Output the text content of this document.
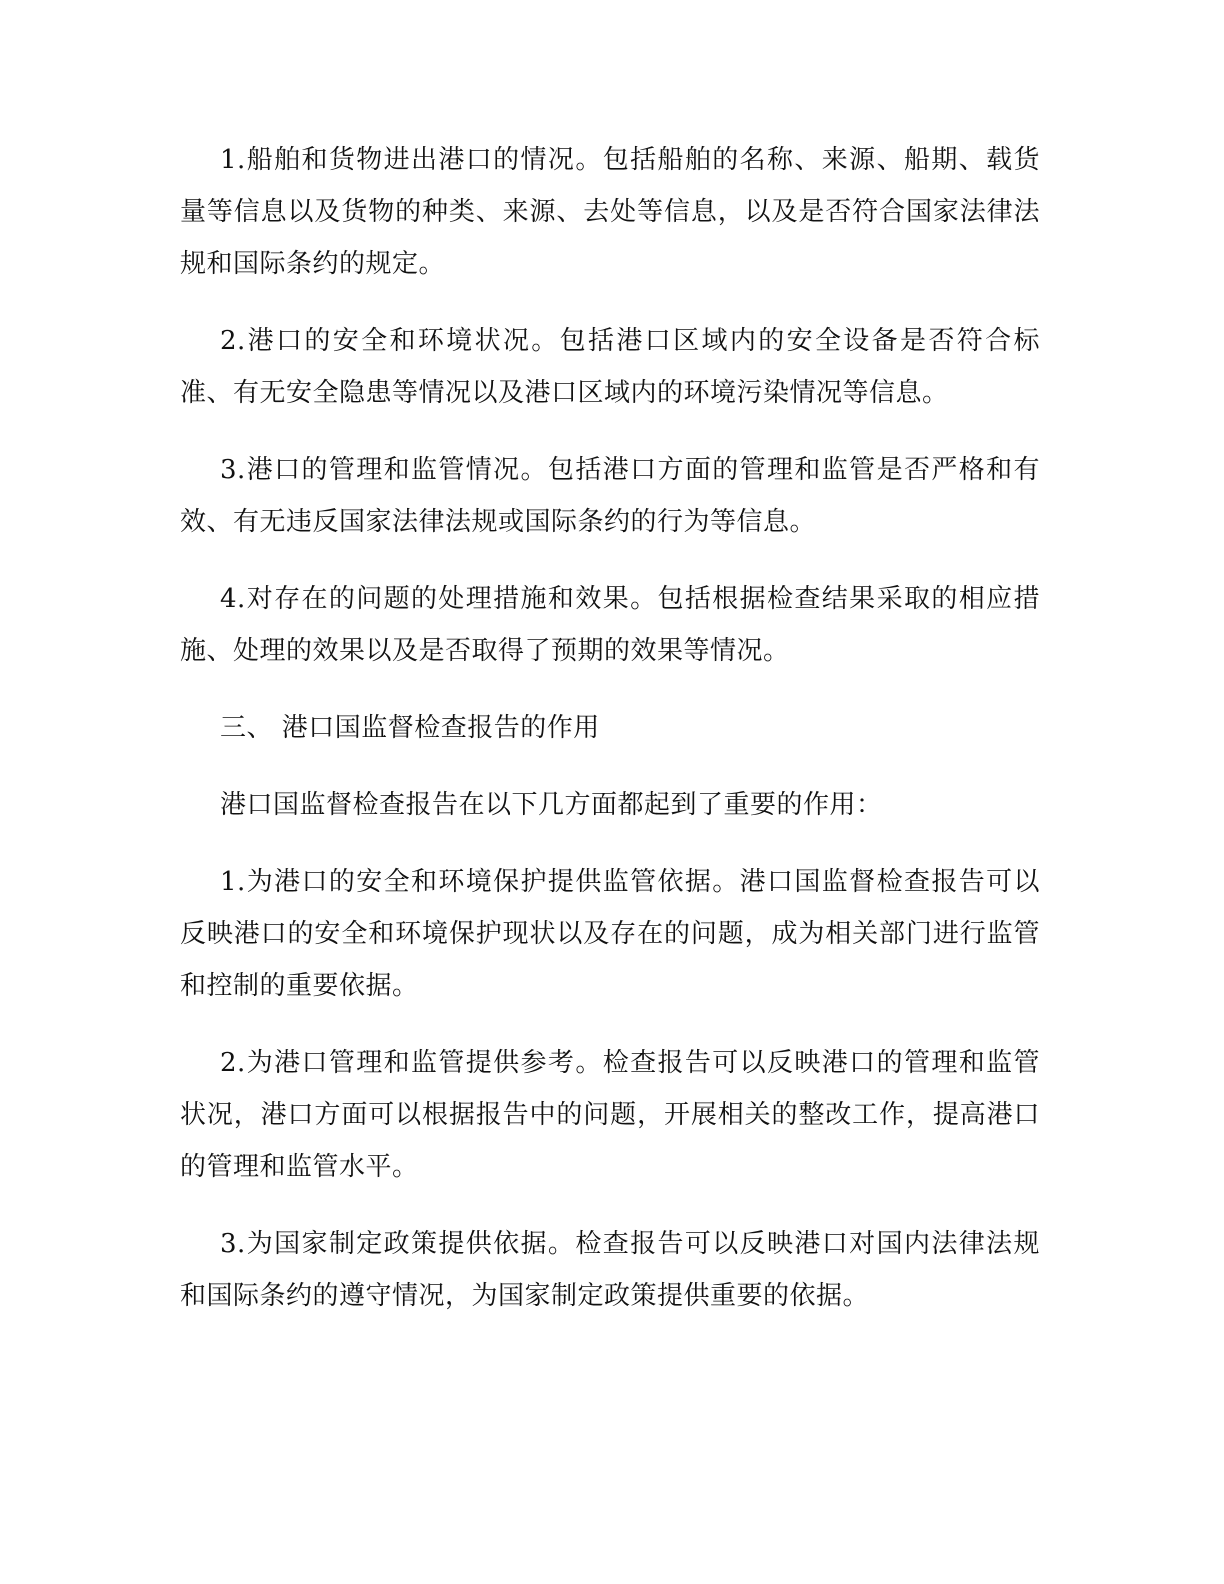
1.船舶和货物进出港口的情况。包括船舶的名称、来源、船期、载货量等信息以及货物的种类、来源、去处等信息，以及是否符合国家法律法规和国际条约的规定。

2.港口的安全和环境状况。包括港口区域内的安全设备是否符合标准、有无安全隐患等情况以及港口区域内的环境污染情况等信息。

3.港口的管理和监管情况。包括港口方面的管理和监管是否严格和有效、有无违反国家法律法规或国际条约的行为等信息。

4.对存在的问题的处理措施和效果。包括根据检查结果采取的相应措施、处理的效果以及是否取得了预期的效果等情况。

三、 港口国监督检查报告的作用

港口国监督检查报告在以下几方面都起到了重要的作用：

1.为港口的安全和环境保护提供监管依据。港口国监督检查报告可以反映港口的安全和环境保护现状以及存在的问题，成为相关部门进行监管和控制的重要依据。

2.为港口管理和监管提供参考。检查报告可以反映港口的管理和监管状况，港口方面可以根据报告中的问题，开展相关的整改工作，提高港口的管理和监管水平。

3.为国家制定政策提供依据。检查报告可以反映港口对国内法律法规和国际条约的遵守情况，为国家制定政策提供重要的依据。
